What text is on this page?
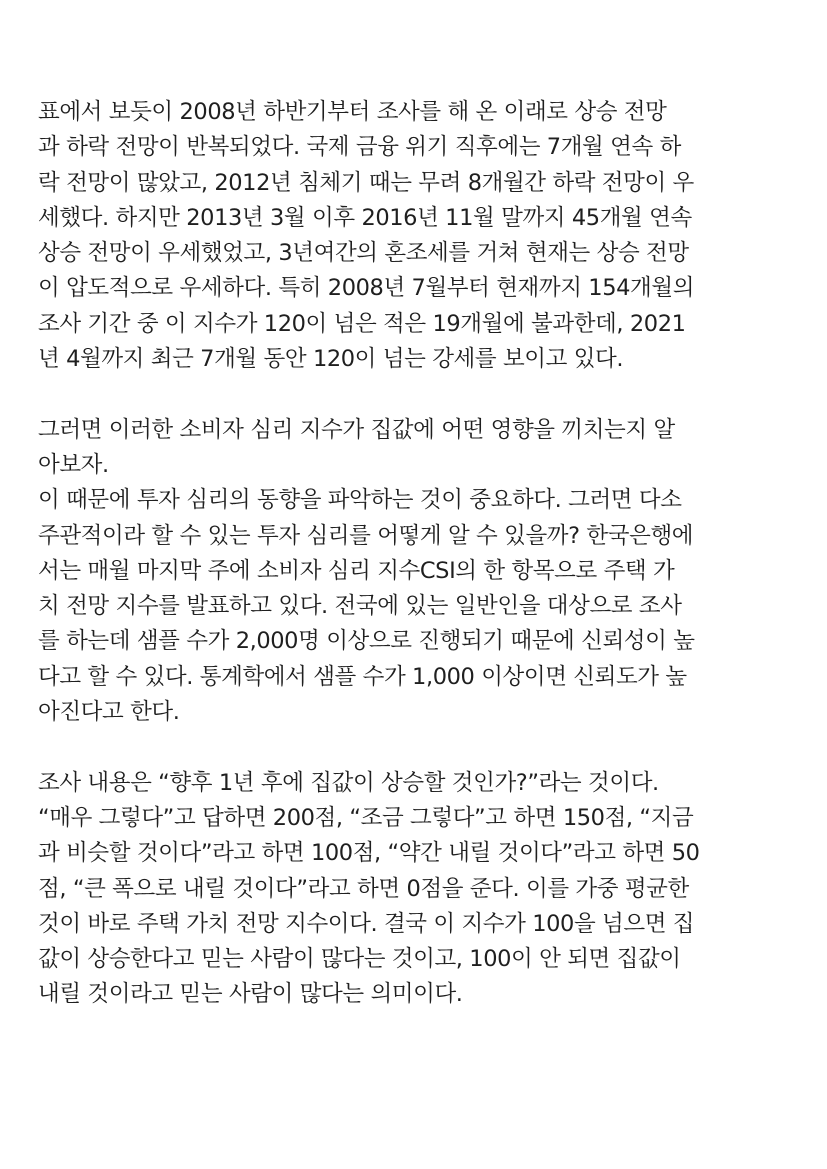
표에서 보듯이 2008년 하반기부터 조사를 해 온 이래로 상승 전망
과 하락 전망이 반복되었다. 국제 금융 위기 직후에는 7개월 연속 하
락 전망이 많았고, 2012년 침체기 때는 무려 8개월간 하락 전망이 우
세했다. 하지만 2013년 3월 이후 2016년 11월 말까지 45개월 연속
상승 전망이 우세했었고, 3년여간의 혼조세를 거쳐 현재는 상승 전망
이 압도적으로 우세하다. 특히 2008년 7월부터 현재까지 154개월의
조사 기간 중 이 지수가 120이 넘은 적은 19개월에 불과한데, 2021
년 4월까지 최근 7개월 동안 120이 넘는 강세를 보이고 있다.
그러면 이러한 소비자 심리 지수가 집값에 어떤 영향을 끼치는지 알
아보자.
이 때문에 투자 심리의 동향을 파악하는 것이 중요하다. 그러면 다소
주관적이라 할 수 있는 투자 심리를 어떻게 알 수 있을까? 한국은행에
서는 매월 마지막 주에 소비자 심리 지수CSI의 한 항목으로 주택 가
치 전망 지수를 발표하고 있다. 전국에 있는 일반인을 대상으로 조사
를 하는데 샘플 수가 2,000명 이상으로 진행되기 때문에 신뢰성이 높
다고 할 수 있다. 통계학에서 샘플 수가 1,000 이상이면 신뢰도가 높
아진다고 한다.
조사 내용은 “향후 1년 후에 집값이 상승할 것인가?”라는 것이다.
“매우 그렇다”고 답하면 200점, “조금 그렇다”고 하면 150점, “지금
과 비슷할 것이다”라고 하면 100점, “약간 내릴 것이다”라고 하면 50
점, “큰 폭으로 내릴 것이다”라고 하면 0점을 준다. 이를 가중 평균한
것이 바로 주택 가치 전망 지수이다. 결국 이 지수가 100을 넘으면 집
값이 상승한다고 믿는 사람이 많다는 것이고, 100이 안 되면 집값이
내릴 것이라고 믿는 사람이 많다는 의미이다.
